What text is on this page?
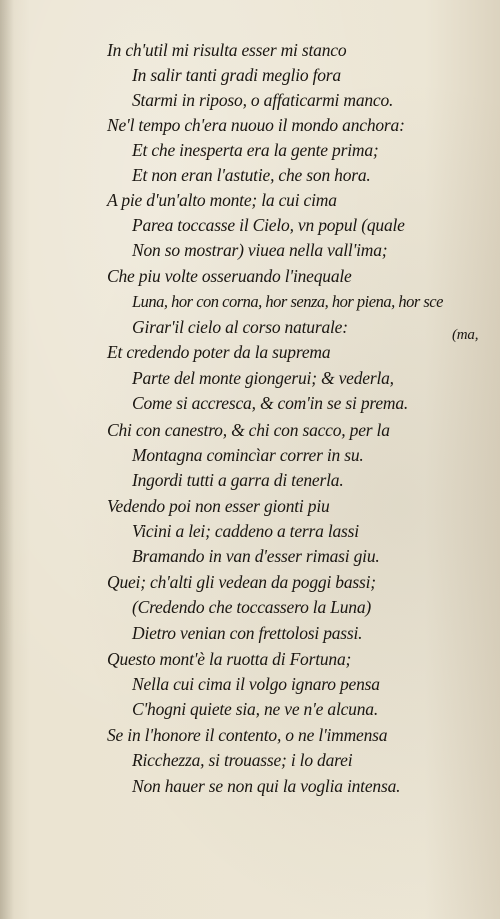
In ch'util mi risulta esser mi stanco
In salir tanti gradi meglio fora
Starmi in riposo, o affaticarmi manco.
Ne'l tempo ch'era nuouo il mondo anchora:
Et che inesperta era la gente prima;
Et non eran l'astutie, che son hora.
A pie d'un'alto monte; la cui cima
Parea toccasse il Cielo, vn popul (quale
Non so mostrar) viuea nella vall'ima;
Che piu volte osseruando l'inequale
Luna, hor con corna, hor senza, hor piena, hor sce
Girar'il cielo al corso naturale:	(ma,
Et credendo poter da la suprema
Parte del monte giongerui; & vederla,
Come si accresca, & com'in se si prema.
Chi con canestro, & chi con sacco, per la
Montagna comincìar correr in su.
Ingordi tutti a garra di tenerla.
Vedendo poi non esser gionti piu
Vicini a lei; caddeno a terra lassi
Bramando in van d'esser rimasi giu.
Quei; ch'alti gli vedean da poggi bassi;
(Credendo che toccassero la Luna)
Dietro venian con frettolosi passi.
Questo mont'è la ruotta di Fortuna;
Nella cui cima il volgo ignaro pensa
C'hogni quiete sia, ne ve n'e alcuna.
Se in l'honore il contento, o ne l'immensa
Ricchezza, si trouasse; i lo darei
Non hauer se non qui la voglia intensa.
